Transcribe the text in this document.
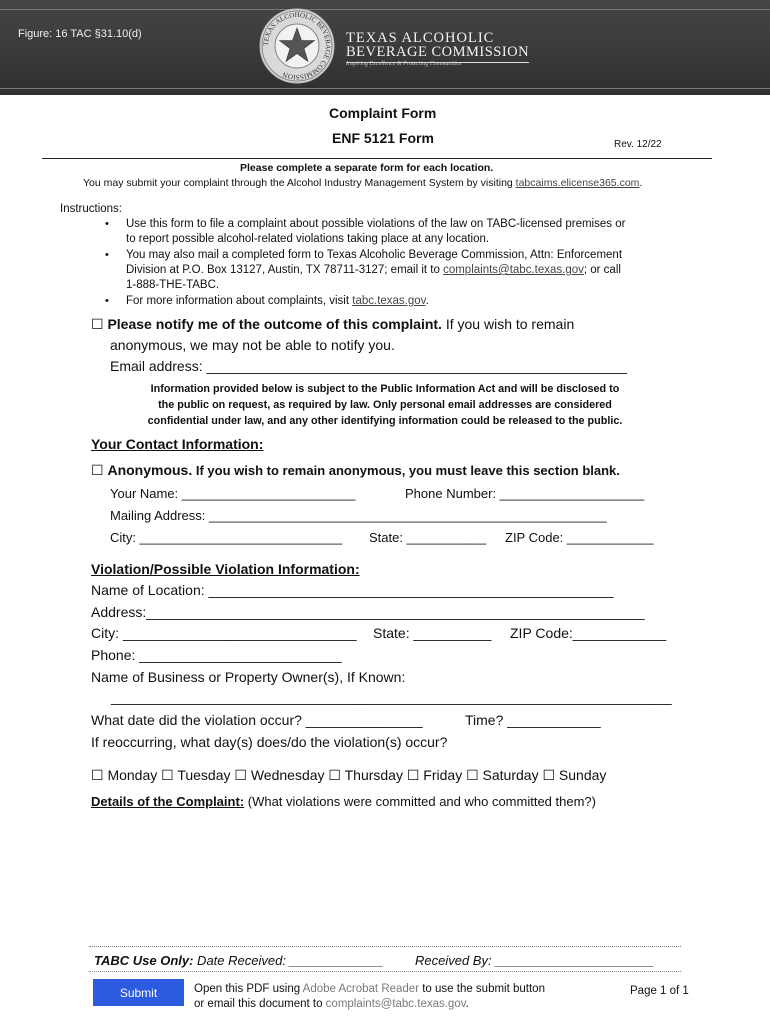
Figure: 16 TAC §31.10(d)
TEXAS ALCOHOLIC BEVERAGE COMMISSION
TEXAS ALCOHOLIC
BEVERAGE COMMISSION
Inspiring Excellence & Protecting Communities
Complaint Form
ENF 5121 Form	Rev. 12/22
Please complete a separate form for each location.
You may submit your complaint through the Alcohol Industry Management System by visiting tabcaims.elicense365.com.
Instructions:
• Use this form to file a complaint about possible violations of the law on TABC-licensed premises or
to report possible alcohol-related violations taking place at any location.
• You may also mail a completed form to Texas Alcoholic Beverage Commission, Attn: Enforcement
Division at P.O. Box 13127, Austin, TX 78711-3127; email it to complaints@tabc.texas.gov; or call
1-888-THE-TABC.
• For more information about complaints, visit tabc.texas.gov.
☐ Please notify me of the outcome of this complaint. If you wish to remain
anonymous, we may not be able to notify you.
Email address: ______________________________________________________
Information provided below is subject to the Public Information Act and will be disclosed to
the public on request, as required by law. Only personal email addresses are considered
confidential under law, and any other identifying information could be released to the public.
Your Contact Information:
☐ Anonymous. If you wish to remain anonymous, you must leave this section blank.
Your Name: ________________________	Phone Number: ____________________
Mailing Address: _______________________________________________________
City: ____________________________ State: ___________ ZIP Code: ____________
Violation/Possible Violation Information:
Name of Location: ____________________________________________________
Address:________________________________________________________________
City: ______________________________ State: __________ ZIP Code:____________
Phone: __________________________
Name of Business or Property Owner(s), If Known:
________________________________________________________________________
What date did the violation occur? _______________	Time? ____________
If reoccurring, what day(s) does/do the violation(s) occur?
☐ Monday ☐ Tuesday ☐ Wednesday ☐ Thursday ☐ Friday ☐ Saturday ☐ Sunday
Details of the Complaint: (What violations were committed and who committed them?)
TABC Use Only: Date Received: _____________ Received By: ______________________
Submit	Open this PDF using Adobe Acrobat Reader to use the submit button
or email this document to complaints@tabc.texas.gov.
Page 1 of 1
